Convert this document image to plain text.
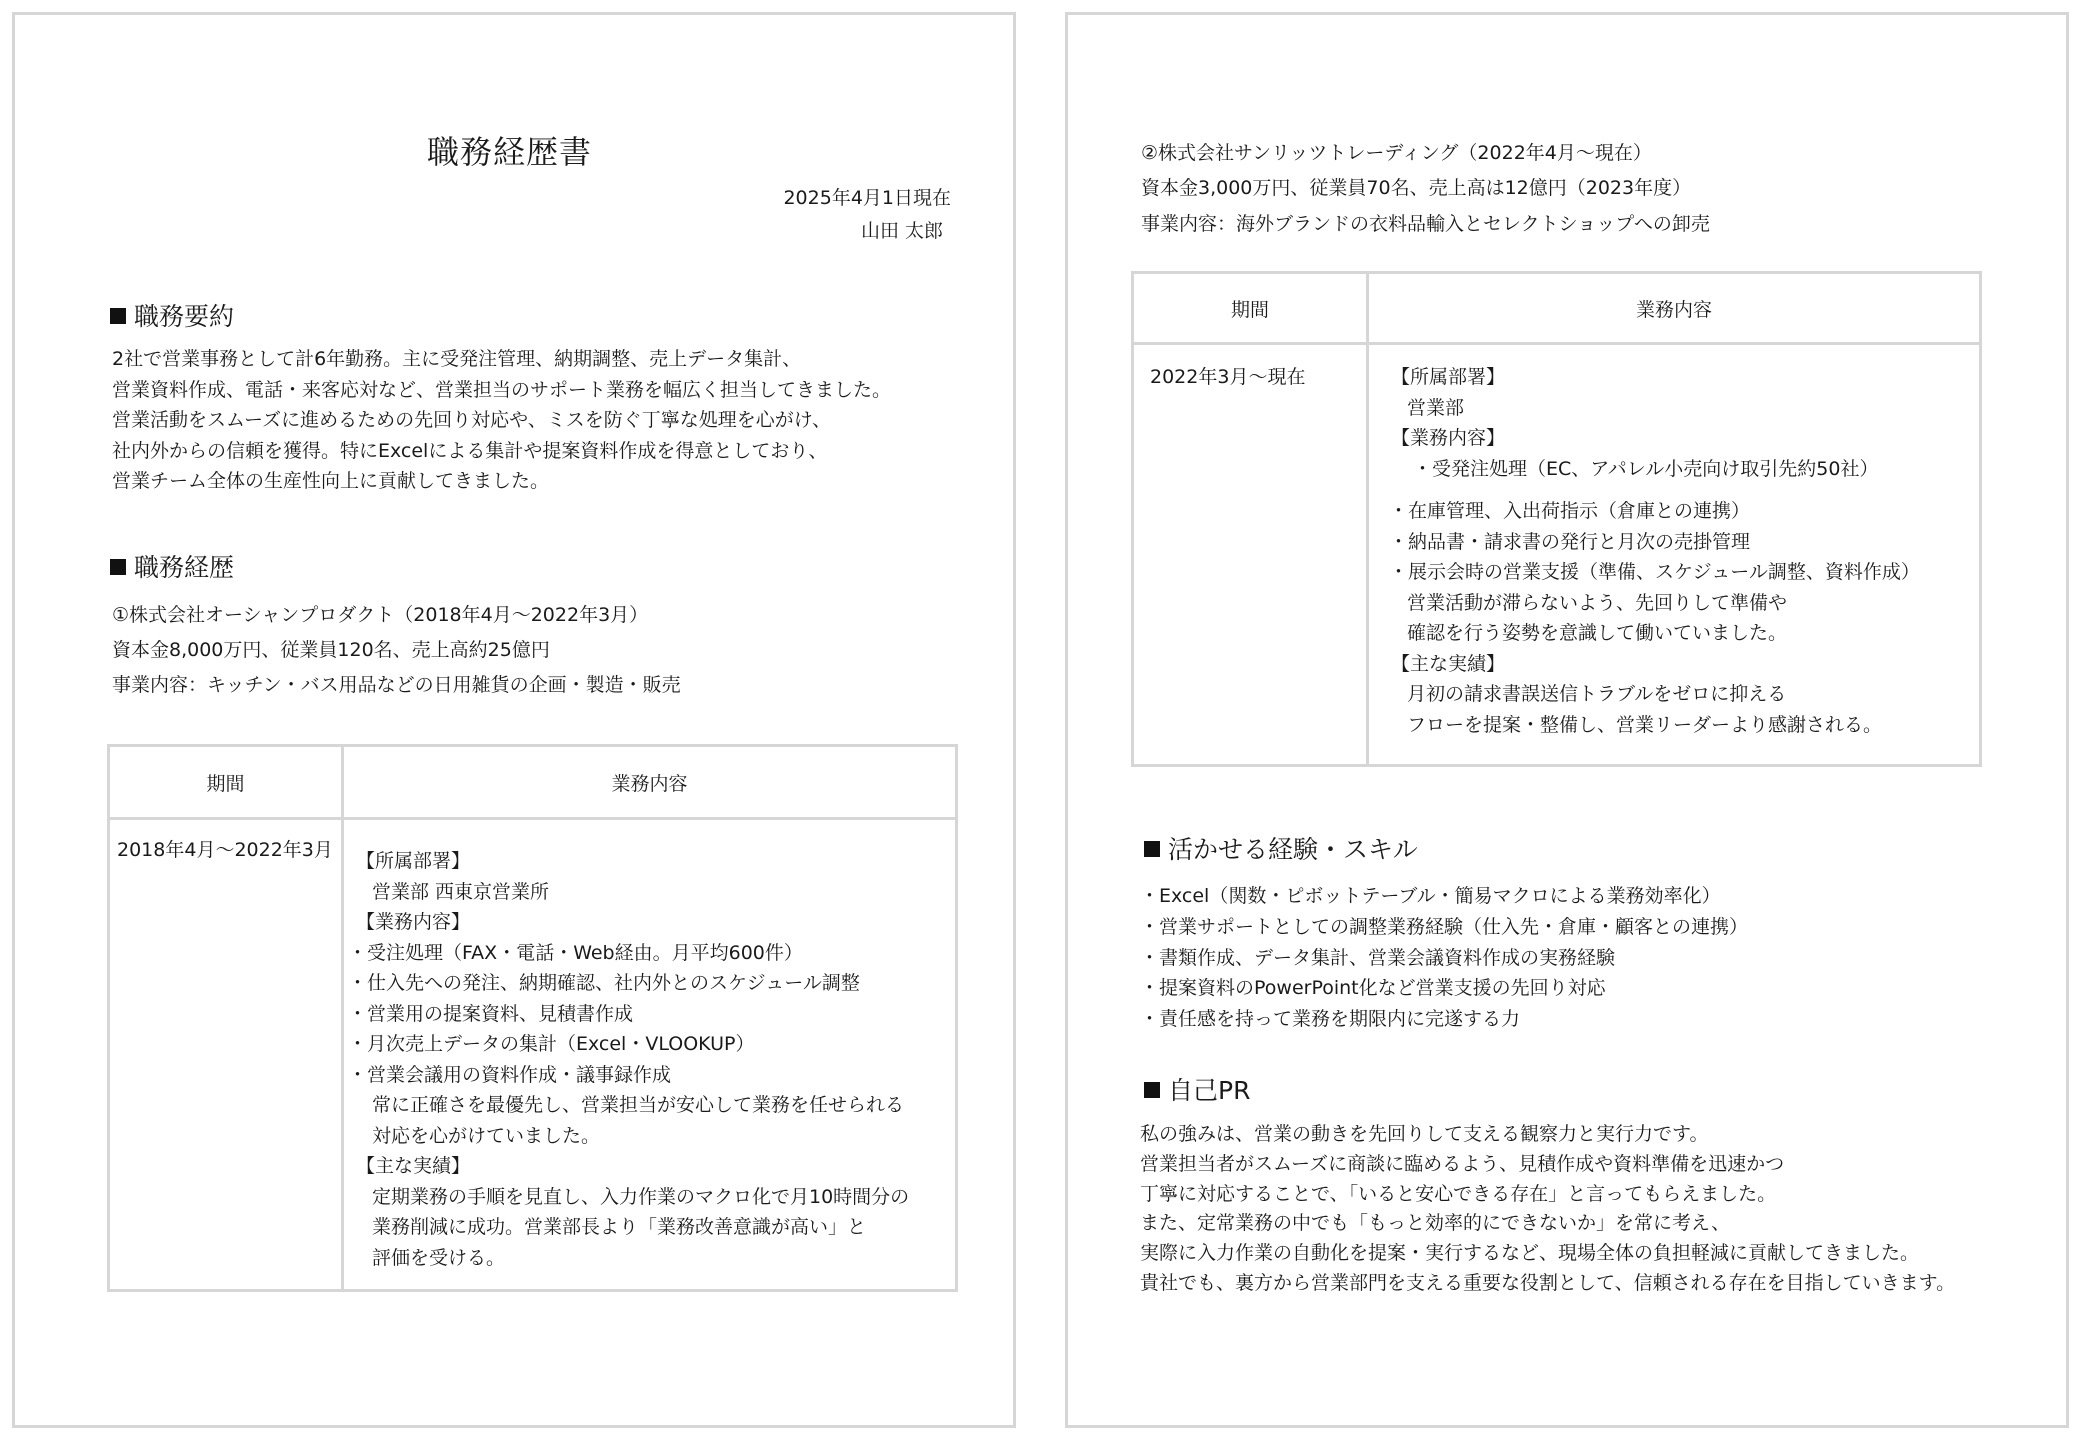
職務経歴書
2025年4月1日現在
山田 太郎
職務要約
2社で営業事務として計6年勤務。主に受発注管理、納期調整、売上データ集計、
営業資料作成、電話・来客応対など、営業担当のサポート業務を幅広く担当してきました。
営業活動をスムーズに進めるための先回り対応や、ミスを防ぐ丁寧な処理を心がけ、
社内外からの信頼を獲得。特にExcelによる集計や提案資料作成を得意としており、
営業チーム全体の生産性向上に貢献してきました。
職務経歴
①株式会社オーシャンプロダクト（2018年4月～2022年3月）
資本金8,000万円、従業員120名、売上高約25億円
事業内容：キッチン・バス用品などの日用雑貨の企画・製造・販売
期間	業務内容
2018年4月～2022年3月 【所属部署】
営業部 西東京営業所
【業務内容】
・受注処理（FAX・電話・Web経由。月平均600件）
・仕入先への発注、納期確認、社内外とのスケジュール調整
・営業用の提案資料、見積書作成
・月次売上データの集計（Excel・VLOOKUP）
・営業会議用の資料作成・議事録作成
常に正確さを最優先し、営業担当が安心して業務を任せられる
対応を心がけていました。
【主な実績】
定期業務の手順を見直し、入力作業のマクロ化で月10時間分の
業務削減に成功。営業部長より「業務改善意識が高い」と
評価を受ける。
②株式会社サンリッツトレーディング（2022年4月～現在）
資本金3,000万円、従業員70名、売上高は12億円（2023年度）
事業内容：海外ブランドの衣料品輸入とセレクトショップへの卸売
期間	業務内容
2022年3月～現在	【所属部署】
営業部
【業務内容】
・受発注処理（EC、アパレル小売向け取引先約50社）
・在庫管理、入出荷指示（倉庫との連携）
・納品書・請求書の発行と月次の売掛管理
・展示会時の営業支援（準備、スケジュール調整、資料作成）
営業活動が滞らないよう、先回りして準備や
確認を行う姿勢を意識して働いていました。
【主な実績】
月初の請求書誤送信トラブルをゼロに抑える
フローを提案・整備し、営業リーダーより感謝される。
活かせる経験・スキル
・Excel（関数・ピボットテーブル・簡易マクロによる業務効率化）
・営業サポートとしての調整業務経験（仕入先・倉庫・顧客との連携）
・書類作成、データ集計、営業会議資料作成の実務経験
・提案資料のPowerPoint化など営業支援の先回り対応
・責任感を持って業務を期限内に完遂する力
自己PR
私の強みは、営業の動きを先回りして支える観察力と実行力です。
営業担当者がスムーズに商談に臨めるよう、見積作成や資料準備を迅速かつ
丁寧に対応することで、「いると安心できる存在」と言ってもらえました。
また、定常業務の中でも「もっと効率的にできないか」を常に考え、
実際に入力作業の自動化を提案・実行するなど、現場全体の負担軽減に貢献してきました。
貴社でも、裏方から営業部門を支える重要な役割として、信頼される存在を目指していきます。
